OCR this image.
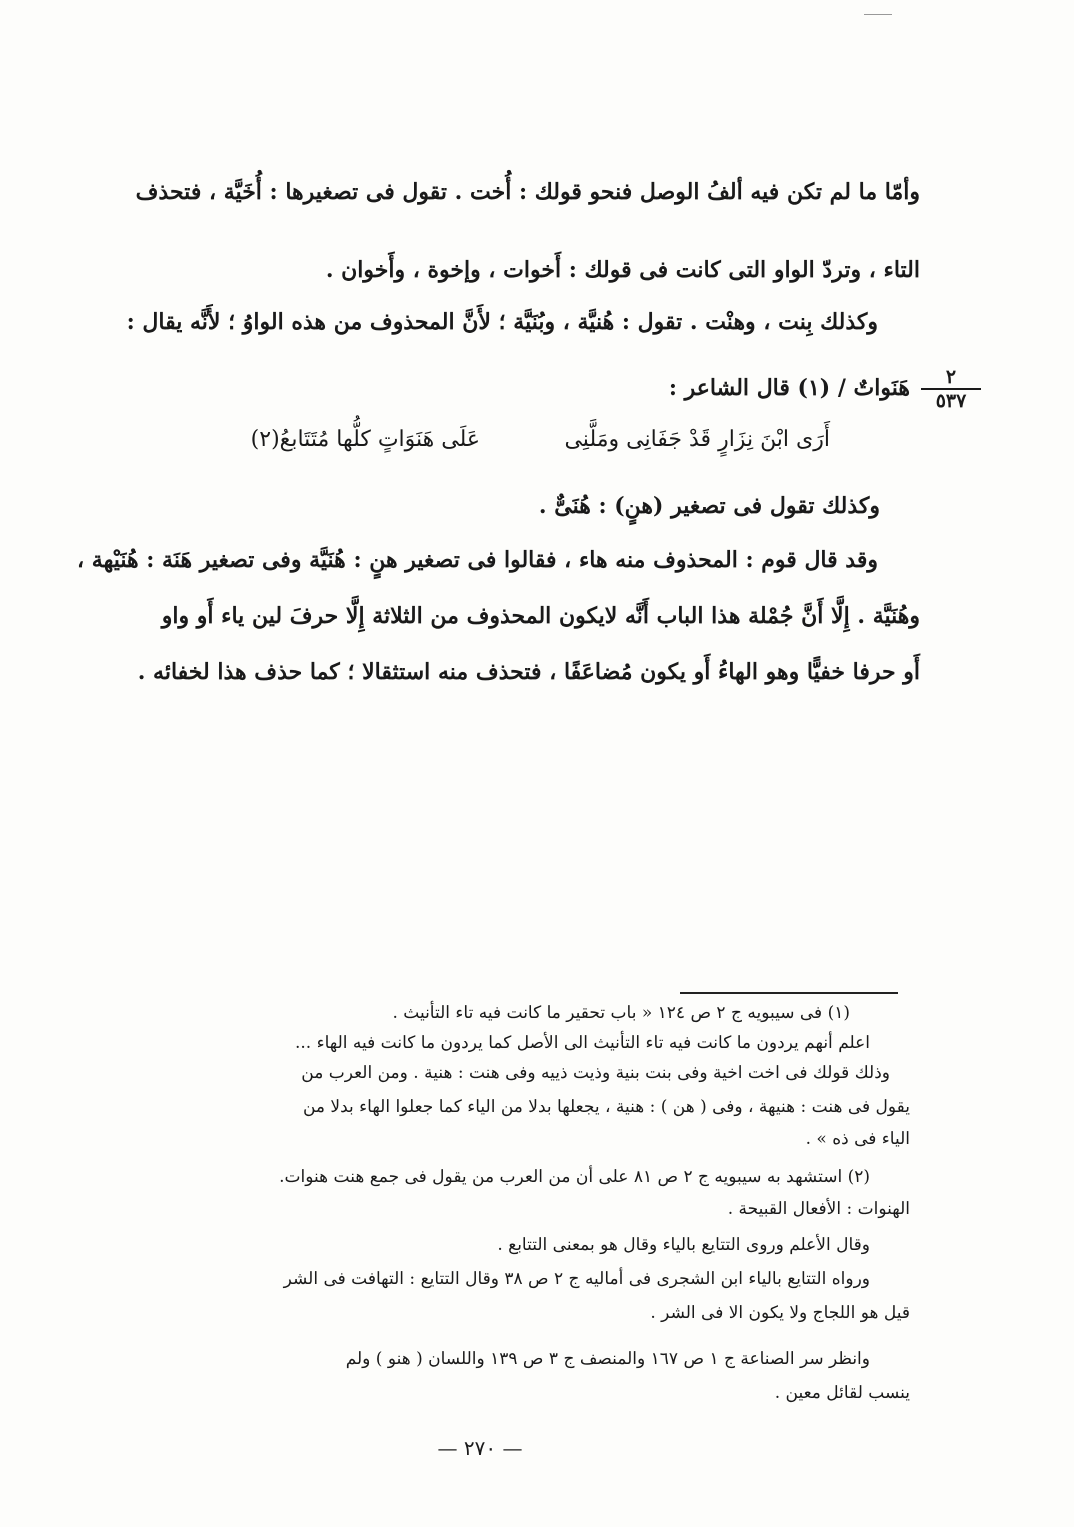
وأمّا ما لم تكن فيه ألفُ الوصل فنحو قولك : أُخت . تقول فى تصغيرها : أُخَيَّة ، فتحذف
التاء ، وتردّ الواو التى كانت فى قولك : أَخوات ، وإخوة ، وأَخوان .
وكذلك بِنت ، وهنْت . تقول : هُنيَّة ، وبُنَيَّة ؛ لأَنَّ المحذوف من هذه الواوُ ؛ لأَنَّه يقال :
هَنَواتٌ / (١) قال الشاعر :	٢
٥٣٧
أَرَى ابْنَ نِزَارٍ قَدْ جَفَانِى ومَلَّنِى
عَلَى هَنَوَاتٍ كلُّها مُتَتَابعُ(٢)
وكذلك تقول فى تصغير (هنٍ) : هُنَىٌّ .
وقد قال قوم : المحذوف منه هاء ، فقالوا فى تصغير هنٍ : هُنَيَّة وفى تصغير هَنَة : هُنَيْهة ،
وهُنَيَّة . إِلَّا أَنَّ جُمْلة هذا الباب أَنَّه لايكون المحذوف من الثلاثة إِلَّا حرفَ لين ياء أَو واو
أَو حرفا خفيًّا وهو الهاءُ أَو يكون مُضاعَفًا ، فتحذف منه استثقالا ؛ كما حذف هذا لخفائه .
(١) فى سيبويه ج ٢ ص ١٢٤ « باب تحقير ما كانت فيه تاء التأنيث .
اعلم أنهم يردون ما كانت فيه تاء التأنيث الى الأصل كما يردون ما كانت فيه الهاء ...
وذلك قولك فى اخت اخية وفى بنت بنية وذيت ذييه وفى هنت : هنية . ومن العرب من
يقول فى هنت : هنيهة ، وفى ( هن ) : هنية ، يجعلها بدلا من الياء كما جعلوا الهاء بدلا من
الياء فى ذه » .
(٢) استشهد به سيبويه ج ٢ ص ٨١ على أن من العرب من يقول فى جمع هنت هنوات.
الهنوات : الأفعال القبيحة .
وقال الأعلم وروى التتايع بالياء وقال هو بمعنى التتابع .
ورواه التتايع بالياء ابن الشجرى فى أماليه ج ٢ ص ٣٨ وقال التتايع : التهافت فى الشر
قيل هو اللجاج ولا يكون الا فى الشر .
وانظر سر الصناعة ج ١ ص ١٦٧ والمنصف ج ٣ ص ١٣٩ واللسان ( هنو ) ولم
ينسب لقائل معين .
— ٢٧٠ —
